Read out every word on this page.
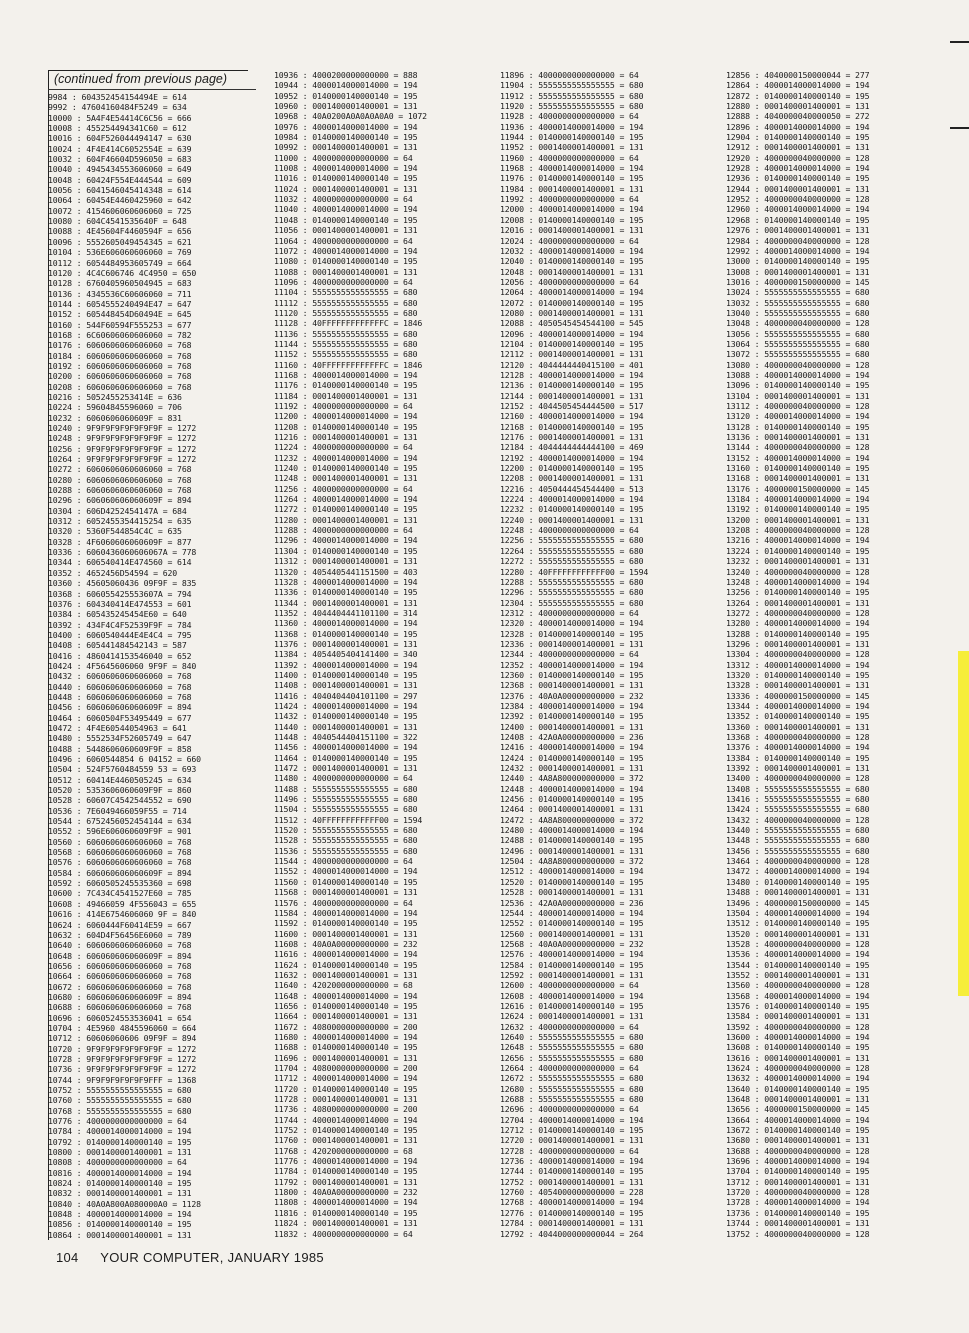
(continued from previous page)
9984 : 604352454154494E = 614
9992 : 47604160484F5249 = 634
10000 : 5A4F4E54414C6C56 = 666
10008 : 455254494341C60 = 612
10016 : 604F526044494147 = 630
10024 : 4F4E414C6052554E = 639
10032 : 604F46604D596050 = 683
10040 : 4945434553606060 = 649
10048 : 60424F554E444544 = 609
10056 : 6041546045414348 = 614
10064 : 60454E4460425960 = 642
10072 : 4154606060606060 = 725
10080 : 604C4541535640F = 648
10088 : 4E45604F4460594F = 656
10096 : 5552605049454345 = 621
10104 : 536E606060606060 = 769
10112 : 6054484953605749 = 664
10120 : 4C4C606746 4C4950 = 650
10128 : 6760405960504945 = 683
10136 : 4345536C60606060 = 711
10144 : 6054555240494E47 = 647
10152 : 605448454D60494E = 645
10160 : 544F60594F555253 = 677
10168 : 6C60606060606060 = 782
10176 : 6060606060606060 = 768
10184 : 6060606060606060 = 768
10192 : 6060606060606060 = 768
10200 : 6060606060606060 = 768
10208 : 6060606060606060 = 768
10216 : 5052455253414E = 636
10224 : 59604845596060 = 706
10232 : 6060606060609F = 831
10240 : 9F9F9F9F9F9F9F9F = 1272
10248 : 9F9F9F9F9F9F9F9F = 1272
10256 : 9F9F9F9F9F9F9F9F = 1272
10264 : 9F9F9F9F9F9F9F9F = 1272
10272 : 6060606060606060 = 768
10280 : 6060606060606060 = 768
10288 : 6060606060606060 = 768
10296 : 606060606060609F = 894
10304 : 606D4252454147A = 684
10312 : 6052455354415254 = 635
10320 : 5360F544854C4C = 635
10328 : 4F6060606060609F = 877
10336 : 6060436060606067A = 778
10344 : 606540414E474560 = 614
10352 : 4652456D54594 = 620
10360 : 45605060436 09F9F = 835
10368 : 606055425553607A = 794
10376 : 604340414E474553 = 601
10384 : 605435245454E60 = 640
10392 : 434F4C4F52539F9F = 784
10400 : 6060540444E4E4C4 = 795
10408 : 605441484542143 = 587
10416 : 4860414153546040 = 652
10424 : 4F5645606060 9F9F = 840
10432 : 6060606060606060 = 768
10440 : 6060606060606060 = 768
10448 : 6060606060606060 = 768
10456 : 606060606060609F = 894
10464 : 6060504F53495449 = 677
10472 : 4F4E60544054963 = 641
10480 : 5552534F52605749 = 647
10488 : 5448606060609F9F = 858
10496 : 6060544854 6 04152 = 660
10504 : 524F5760484559 53 = 693
10512 : 60414E4460505245 = 634
10520 : 5353606060609F9F = 860
10528 : 60607C4542544552 = 690
10536 : 7E6049466059F55 = 714
10544 : 6752456052454144 = 634
10552 : 596E606060609F9F = 901
10560 : 6060606060606060 = 768
10568 : 6060606060606060 = 768
10576 : 6060606060606060 = 768
10584 : 606060606060609F = 894
10592 : 6060505245535360 = 698
10600 : 7C434C4541527E60 = 785
10608 : 49466059 4F556043 = 655
10616 : 414E6754606060 9F = 840
10624 : 6060444F60414E59 = 667
10632 : 604D4F56456E6060 = 789
10640 : 6060606060606060 = 768
10648 : 606060606060609F = 894
10656 : 6060606060606060 = 768
10664 : 6060606060606060 = 768
10672 : 6060606060606060 = 768
10680 : 606060606060609F = 894
10688 : 6060606060606060 = 768
10696 : 6060524553536041 = 654
10704 : 4E5960 4845596060 = 664
10712 : 60606060606 09F9F = 894
10720 : 9F9F9F9F9F9F9F9F = 1272
10728 : 9F9F9F9F9F9F9F9F = 1272
10736 : 9F9F9F9F9F9F9F9F = 1272
10744 : 9F9F9F9F9F9F9FFF = 1368
10752 : 5555555555555555 = 680
10760 : 5555555555555555 = 680
10768 : 5555555555555555 = 680
10776 : 4000000000000000 = 64
10784 : 4000014000014000 = 194
10792 : 0140000140000140 = 195
10800 : 0001400001400001 = 131
10808 : 4000000000000000 = 64
10816 : 4000014000014000 = 194
10824 : 0140000140000140 = 195
10832 : 0001400001400001 = 131
10840 : 40A0A800A080000A0 = 1128
10848 : 4000014000014000 = 194
10856 : 0140000140000140 = 195
10864 : 0001400001400001 = 131
10936 : 4000200000000000 = 888
10944 : 4000014000014000 = 194
10952 : 0140000140000140 = 195
10960 : 0001400001400001 = 131
10968 : 40A0200A0A0A0A0A0 = 1072
10976 : 4000014000014000 = 194
10984 : 0140000140000140 = 195
10992 : 0001400001400001 = 131
11000 : 4000000000000000 = 64
11008 : 4000014000014000 = 194
11016 : 0140000140000140 = 195
11024 : 0001400001400001 = 131
11032 : 4000000000000000 = 64
11040 : 4000014000014000 = 194
11048 : 0140000140000140 = 195
11056 : 0001400001400001 = 131
11064 : 4000000000000000 = 64
11072 : 4000014000014000 = 194
11080 : 0140000140000140 = 195
11088 : 0001400001400001 = 131
11096 : 4000000000000000 = 64
11104 : 5555555555555555 = 680
11112 : 5555555555555555 = 680
11120 : 5555555555555555 = 680
11128 : 40FFFFFFFFFFFFFC = 1846
11136 : 5555555555555555 = 680
11144 : 5555555555555555 = 680
11152 : 5555555555555555 = 680
11160 : 40FFFFFFFFFFFFFC = 1846
11168 : 4000014000014000 = 194
11176 : 0140000140000140 = 195
11184 : 0001400001400001 = 131
11192 : 4000000000000000 = 64
11200 : 4000014000014000 = 194
11208 : 0140000140000140 = 195
11216 : 0001400001400001 = 131
11224 : 4000000000000000 = 64
11232 : 4000014000014000 = 194
11240 : 0140000140000140 = 195
11248 : 0001400001400001 = 131
11256 : 4000000000000000 = 64
11264 : 4000014000014000 = 194
11272 : 0140000140000140 = 195
11280 : 0001400001400001 = 131
11288 : 4000000000000000 = 64
11296 : 4000014000014000 = 194
11304 : 0140000140000140 = 195
11312 : 0001400001400001 = 131
11320 : 4054405441151500 = 403
11328 : 4000014000014000 = 194
11336 : 0140000140000140 = 195
11344 : 0001400001400001 = 131
11352 : 4044404441101100 = 314
11360 : 4000014000014000 = 194
11368 : 0140000140000140 = 195
11376 : 0001400001400001 = 131
11384 : 4054405404141400 = 340
11392 : 4000014000014000 = 194
11400 : 0140000140000140 = 195
11408 : 0001400001400001 = 131
11416 : 4040404404101100 = 297
11424 : 4000014000014000 = 194
11432 : 0140000140000140 = 195
11440 : 0001400001400001 = 131
11448 : 4040544404151100 = 322
11456 : 4000014000014000 = 194
11464 : 0140000140000140 = 195
11472 : 0001400001400001 = 131
11480 : 4000000000000000 = 64
11488 : 5555555555555555 = 680
11496 : 5555555555555555 = 680
11504 : 5555555555555555 = 680
11512 : 40FFFFFFFFFFFF00 = 1594
11520 : 5555555555555555 = 680
11528 : 5555555555555555 = 680
11536 : 5555555555555555 = 680
11544 : 4000000000000000 = 64
11552 : 4000014000014000 = 194
11560 : 0140000140000140 = 195
11568 : 0001400001400001 = 131
11576 : 4000000000000000 = 64
11584 : 4000014000014000 = 194
11592 : 0140000140000140 = 195
11600 : 0001400001400001 = 131
11608 : 40A0A00000000000 = 232
11616 : 4000014000014000 = 194
11624 : 0140000140000140 = 195
11632 : 0001400001400001 = 131
11640 : 4202000000000000 = 68
11648 : 4000014000014000 = 194
11656 : 0140000140000140 = 195
11664 : 0001400001400001 = 131
11672 : 4080000000000000 = 200
11680 : 4000014000014000 = 194
11688 : 0140000140000140 = 195
11696 : 0001400001400001 = 131
11704 : 4080000000000000 = 200
11712 : 4000014000014000 = 194
11720 : 0140000140000140 = 195
11728 : 0001400001400001 = 131
11736 : 4080000000000000 = 200
11744 : 4000014000014000 = 194
11752 : 0140000140000140 = 195
11760 : 0001400001400001 = 131
11768 : 4202000000000000 = 68
11776 : 4000014000014000 = 194
11784 : 0140000140000140 = 195
11792 : 0001400001400001 = 131
11800 : 40A0A00000000000 = 232
11808 : 4000014000014000 = 194
11816 : 0140000140000140 = 195
11824 : 0001400001400001 = 131
11832 : 4000000000000000 = 64
11896 : 4000000000000000 = 64
11904 : 5555555555555555 = 680
11912 : 5555555555555555 = 680
11920 : 5555555555555555 = 680
11928 : 4000000000000000 = 64
11936 : 4000014000014000 = 194
11944 : 0140000140000140 = 195
11952 : 0001400001400001 = 131
11960 : 4000000000000000 = 64
11968 : 4000014000014000 = 194
11976 : 0140000140000140 = 195
11984 : 0001400001400001 = 131
11992 : 4000000000000000 = 64
12000 : 4000014000014000 = 194
12008 : 0140000140000140 = 195
12016 : 0001400001400001 = 131
12024 : 4000000000000000 = 64
12032 : 4000014000014000 = 194
12040 : 0140000140000140 = 195
12048 : 0001400001400001 = 131
12056 : 4000000000000000 = 64
12064 : 4000014000014000 = 194
12072 : 0140000140000140 = 195
12080 : 0001400001400001 = 131
12088 : 4050545454544100 = 545
12096 : 4000014000014000 = 194
12104 : 0140000140000140 = 195
12112 : 0001400001400001 = 131
12120 : 4044444440415100 = 401
12128 : 4000014000014000 = 194
12136 : 0140000140000140 = 195
12144 : 0001400001400001 = 131
12152 : 4044505454444500 = 517
12160 : 4000014000014000 = 194
12168 : 0140000140000140 = 195
12176 : 0001400001400001 = 131
12184 : 4044444444444100 = 469
12192 : 4000014000014000 = 194
12200 : 0140000140000140 = 195
12208 : 0001400001400001 = 131
12216 : 4050444454544400 = 513
12224 : 4000014000014000 = 194
12232 : 0140000140000140 = 195
12240 : 0001400001400001 = 131
12248 : 4000000000000000 = 64
12256 : 5555555555555555 = 680
12264 : 5555555555555555 = 680
12272 : 5555555555555555 = 680
12280 : 40FFFFFFFFFFFF00 = 1594
12288 : 5555555555555555 = 680
12296 : 5555555555555555 = 680
12304 : 5555555555555555 = 680
12312 : 4000000000000000 = 64
12320 : 4000014000014000 = 194
12328 : 0140000140000140 = 195
12336 : 0001400001400001 = 131
12344 : 4000000000000000 = 64
12352 : 4000014000014000 = 194
12360 : 0140000140000140 = 195
12368 : 0001400001400001 = 131
12376 : 40A0A00000000000 = 232
12384 : 4000014000014000 = 194
12392 : 0140000140000140 = 195
12400 : 0001400001400001 = 131
12408 : 42A0A00000000000 = 236
12416 : 4000014000014000 = 194
12424 : 0140000140000140 = 195
12432 : 0001400001400001 = 131
12440 : 4A8A800000000000 = 372
12448 : 4000014000014000 = 194
12456 : 0140000140000140 = 195
12464 : 0001400001400001 = 131
12472 : 4A8A800000000000 = 372
12480 : 4000014000014000 = 194
12488 : 0140000140000140 = 195
12496 : 0001400001400001 = 131
12504 : 4A8A800000000000 = 372
12512 : 4000014000014000 = 194
12520 : 0140000140000140 = 195
12528 : 0001400001400001 = 131
12536 : 42A0A00000000000 = 236
12544 : 4000014000014000 = 194
12552 : 0140000140000140 = 195
12560 : 0001400001400001 = 131
12568 : 40A0A00000000000 = 232
12576 : 4000014000014000 = 194
12584 : 0140000140000140 = 195
12592 : 0001400001400001 = 131
12600 : 4000000000000000 = 64
12608 : 4000014000014000 = 194
12616 : 0140000140000140 = 195
12624 : 0001400001400001 = 131
12632 : 4000000000000000 = 64
12640 : 5555555555555555 = 680
12648 : 5555555555555555 = 680
12656 : 5555555555555555 = 680
12664 : 4000000000000000 = 64
12672 : 5555555555555555 = 680
12680 : 5555555555555555 = 680
12688 : 5555555555555555 = 680
12696 : 4000000000000000 = 64
12704 : 4000014000014000 = 194
12712 : 0140000140000140 = 195
12720 : 0001400001400001 = 131
12728 : 4000000000000000 = 64
12736 : 4000014000014000 = 194
12744 : 0140000140000140 = 195
12752 : 0001400001400001 = 131
12760 : 4054000000000000 = 228
12768 : 4000014000014000 = 194
12776 : 0140000140000140 = 195
12784 : 0001400001400001 = 131
12792 : 4044000000000044 = 264
12856 : 4040000150000044 = 277
12864 : 4000014000014000 = 194
12872 : 0140000140000140 = 195
12880 : 0001400001400001 = 131
12888 : 4040000040000050 = 272
12896 : 4000014000014000 = 194
12904 : 0140000140000140 = 195
12912 : 0001400001400001 = 131
12920 : 4000000040000000 = 128
12928 : 4000014000014000 = 194
12936 : 0140000140000140 = 195
12944 : 0001400001400001 = 131
12952 : 4000000040000000 = 128
12960 : 4000014000014000 = 194
12968 : 0140000140000140 = 195
12976 : 0001400001400001 = 131
12984 : 4000000040000000 = 128
12992 : 4000014000014000 = 194
13000 : 0140000140000140 = 195
13008 : 0001400001400001 = 131
13016 : 4000000150000000 = 145
13024 : 5555555555555555 = 680
13032 : 5555555555555555 = 680
13040 : 5555555555555555 = 680
13048 : 4000000040000000 = 128
13056 : 5555555555555555 = 680
13064 : 5555555555555555 = 680
13072 : 5555555555555555 = 680
13080 : 4000000040000000 = 128
13088 : 4000014000014000 = 194
13096 : 0140000140000140 = 195
13104 : 0001400001400001 = 131
13112 : 4000000040000000 = 128
13120 : 4000014000014000 = 194
13128 : 0140000140000140 = 195
13136 : 0001400001400001 = 131
13144 : 4000000040000000 = 128
13152 : 4000014000014000 = 194
13160 : 0140000140000140 = 195
13168 : 0001400001400001 = 131
13176 : 4000000150000000 = 145
13184 : 4000014000014000 = 194
13192 : 0140000140000140 = 195
13200 : 0001400001400001 = 131
13208 : 4000000040000000 = 128
13216 : 4000014000014000 = 194
13224 : 0140000140000140 = 195
13232 : 0001400001400001 = 131
13240 : 4000000040000000 = 128
13248 : 4000014000014000 = 194
13256 : 0140000140000140 = 195
13264 : 0001400001400001 = 131
13272 : 4000000040000000 = 128
13280 : 4000014000014000 = 194
13288 : 0140000140000140 = 195
13296 : 0001400001400001 = 131
13304 : 4000000040000000 = 128
13312 : 4000014000014000 = 194
13320 : 0140000140000140 = 195
13328 : 0001400001400001 = 131
13336 : 4000000150000000 = 145
13344 : 4000014000014000 = 194
13352 : 0140000140000140 = 195
13360 : 0001400001400001 = 131
13368 : 4000000040000000 = 128
13376 : 4000014000014000 = 194
13384 : 0140000140000140 = 195
13392 : 0001400001400001 = 131
13400 : 4000000040000000 = 128
13408 : 5555555555555555 = 680
13416 : 5555555555555555 = 680
13424 : 5555555555555555 = 680
13432 : 4000000040000000 = 128
13440 : 5555555555555555 = 680
13448 : 5555555555555555 = 680
13456 : 5555555555555555 = 680
13464 : 4000000040000000 = 128
13472 : 4000014000014000 = 194
13480 : 0140000140000140 = 195
13488 : 0001400001400001 = 131
13496 : 4000000150000000 = 145
13504 : 4000014000014000 = 194
13512 : 0140000140000140 = 195
13520 : 0001400001400001 = 131
13528 : 4000000040000000 = 128
13536 : 4000014000014000 = 194
13544 : 0140000140000140 = 195
13552 : 0001400001400001 = 131
13560 : 4000000040000000 = 128
13568 : 4000014000014000 = 194
13576 : 0140000140000140 = 195
13584 : 0001400001400001 = 131
13592 : 4000000040000000 = 128
13600 : 4000014000014000 = 194
13608 : 0140000140000140 = 195
13616 : 0001400001400001 = 131
13624 : 4000000040000000 = 128
13632 : 4000014000014000 = 194
13640 : 0140000140000140 = 195
13648 : 0001400001400001 = 131
13656 : 4000000150000000 = 145
13664 : 4000014000014000 = 194
13672 : 0140000140000140 = 195
13680 : 0001400001400001 = 131
13688 : 4000000040000000 = 128
13696 : 4000014000014000 = 194
13704 : 0140000140000140 = 195
13712 : 0001400001400001 = 131
13720 : 4000000040000000 = 128
13728 : 4000014000014000 = 194
13736 : 0140000140000140 = 195
13744 : 0001400001400001 = 131
13752 : 4000000040000000 = 128
104 YOUR COMPUTER, JANUARY 1985
